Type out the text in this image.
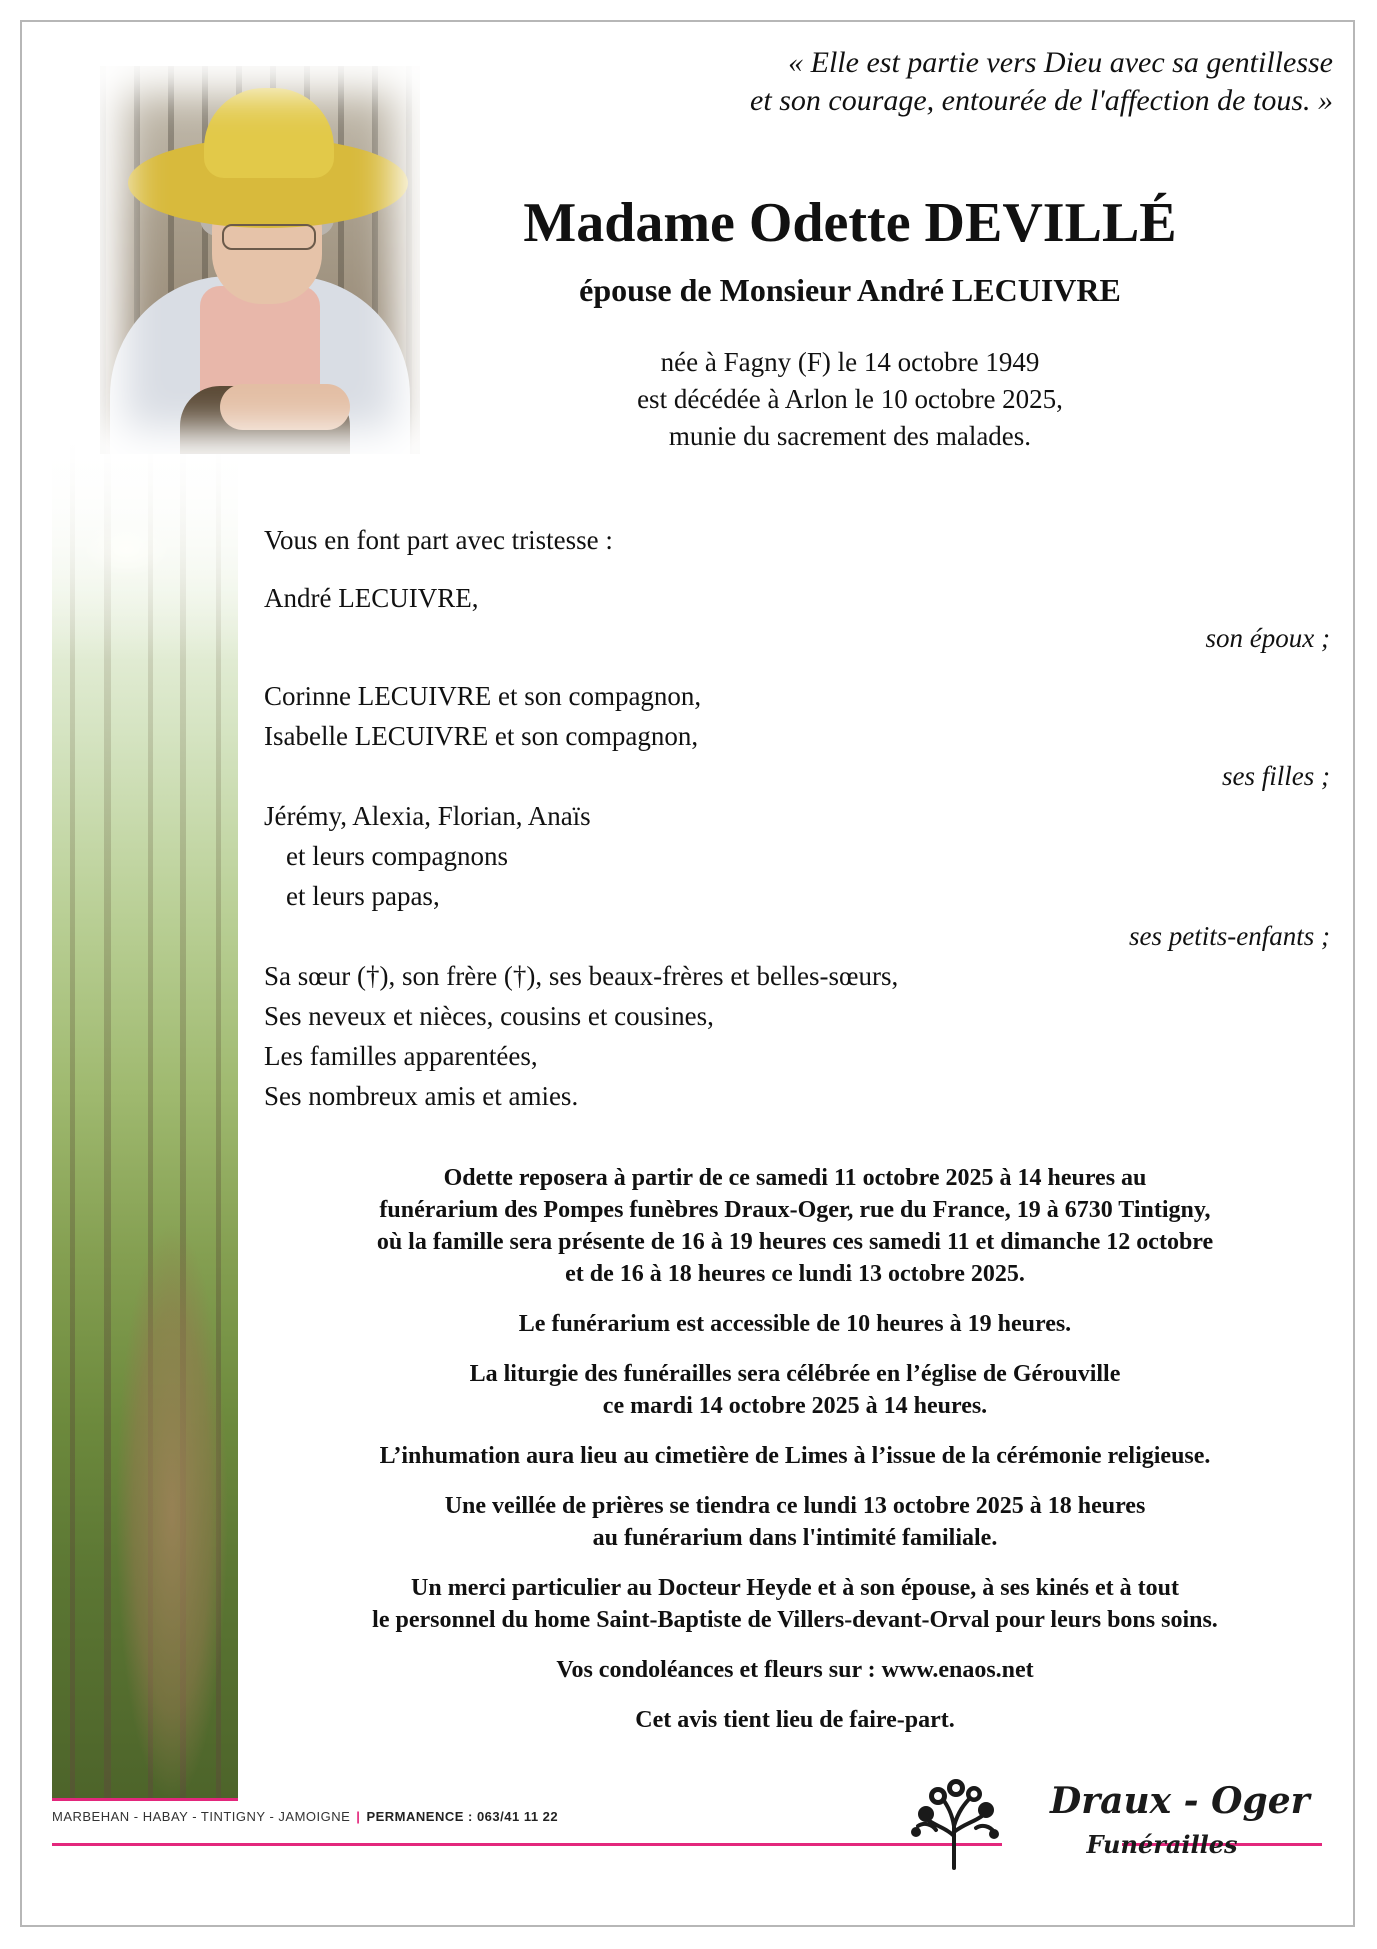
« Elle est partie vers Dieu avec sa gentillesse
et son courage, entourée de l'affection de tous. »
Madame Odette DEVILLÉ
épouse de Monsieur André LECUIVRE
née à Fagny (F) le 14 octobre 1949
est décédée à Arlon le 10 octobre 2025,
munie du sacrement des malades.
Vous en font part avec tristesse :
André LECUIVRE,
son époux ;
Corinne LECUIVRE et son compagnon,
Isabelle LECUIVRE et son compagnon,
ses filles ;
Jérémy, Alexia, Florian, Anaïs
et leurs compagnons
et leurs papas,
ses petits-enfants ;
Sa sœur (†), son frère (†), ses beaux-frères et belles-sœurs,
Ses neveux et nièces, cousins et cousines,
Les familles apparentées,
Ses nombreux amis et amies.
Odette reposera à partir de ce samedi 11 octobre 2025 à 14 heures au
funérarium des Pompes funèbres Draux-Oger, rue du France, 19 à 6730 Tintigny,
où la famille sera présente de 16 à 19 heures ces samedi 11 et dimanche 12 octobre
et de 16 à 18 heures ce lundi 13 octobre 2025.
Le funérarium est accessible de 10 heures à 19 heures.
La liturgie des funérailles sera célébrée en l’église de Gérouville
ce mardi 14 octobre 2025 à 14 heures.
L’inhumation aura lieu au cimetière de Limes à l’issue de la cérémonie religieuse.
Une veillée de prières se tiendra ce lundi 13 octobre 2025 à 18 heures
au funérarium dans l'intimité familiale.
Un merci particulier au Docteur Heyde et à son épouse, à ses kinés et à tout
le personnel du home Saint-Baptiste de Villers-devant-Orval pour leurs bons soins.
Vos condoléances et fleurs sur : www.enaos.net
Cet avis tient lieu de faire-part.
MARBEHAN - HABAY - TINTIGNY - JAMOIGNE | PERMANENCE : 063/41 11 22	Draux - Oger
Funérailles
